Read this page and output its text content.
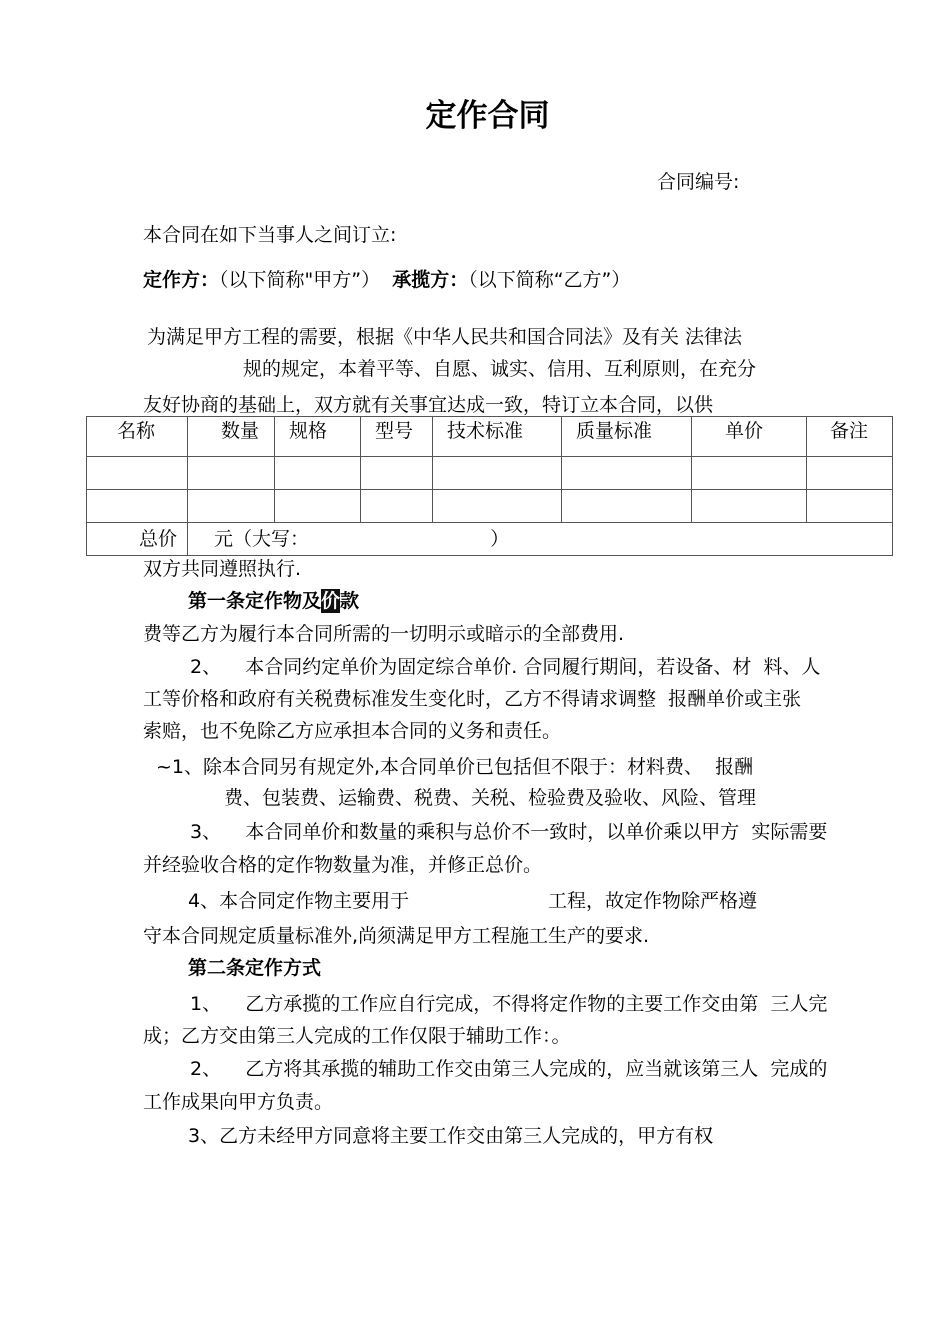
定作合同
合同编号:
本合同在如下当事人之间订立:
定作方：（以下简称"甲方”） 承揽方：（以下简称“乙方”）
为满足甲方工程的需要，根据《中华人民共和国合同法》及有关 法律法
规的规定，本着平等、自愿、诚实、信用、互利原则，在充分
友好协商的基础上，双方就有关事宜达成一致，特订立本合同，以供
名称	数量	规格	型号	技术标准	质量标准	单价	备注

总价	元（大写：                              ）						
双方共同遵照执行.
第一条定作物及价款
费等乙方为履行本合同所需的一切明示或暗示的全部费用.
2、    本合同约定单价为固定综合单价. 合同履行期间，若设备、材  料、人
工等价格和政府有关税费标准发生变化时，乙方不得请求调整  报酬单价或主张
索赔，也不免除乙方应承担本合同的义务和责任。
~1、除本合同另有规定外,本合同单价已包括但不限于：材料费、  报酬
费、包装费、运输费、税费、关税、检验费及验收、风险、管理
3、    本合同单价和数量的乘积与总价不一致时，以单价乘以甲方  实际需要
并经验收合格的定作物数量为准，并修正总价。
4、本合同定作物主要用于                       工程，故定作物除严格遵
守本合同规定质量标准外,尚须满足甲方工程施工生产的要求.
第二条定作方式
1、    乙方承揽的工作应自行完成，不得将定作物的主要工作交由第  三人完
成；乙方交由第三人完成的工作仅限于辅助工作：。
2、    乙方将其承揽的辅助工作交由第三人完成的，应当就该第三人  完成的
工作成果向甲方负责。
3、乙方未经甲方同意将主要工作交由第三人完成的，甲方有权
